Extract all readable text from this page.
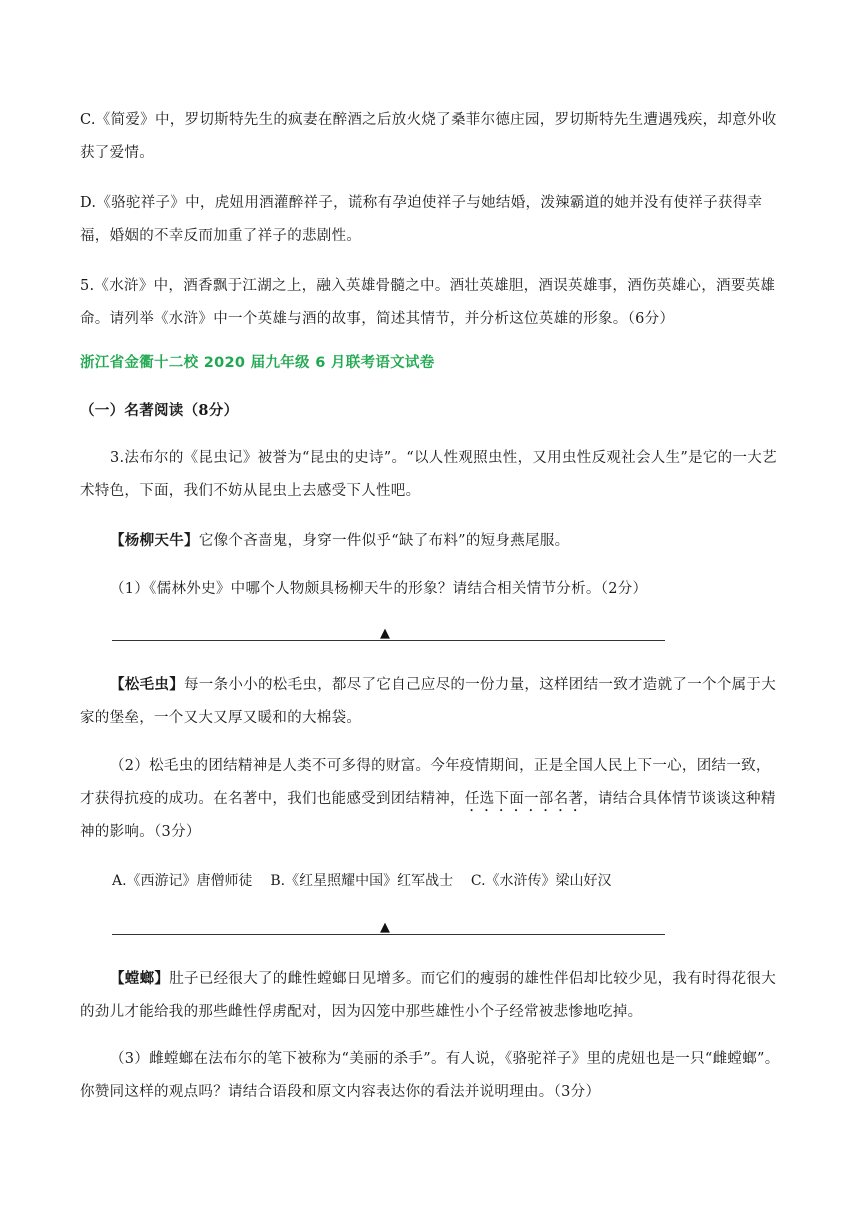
C.《简爱》中，罗切斯特先生的疯妻在醉酒之后放火烧了桑菲尔德庄园，罗切斯特先生遭遇残疾，却意外收获了爱情。

D.《骆驼祥子》中，虎妞用酒灌醉祥子，谎称有孕迫使祥子与她结婚，泼辣霸道的她并没有使祥子获得幸福，婚姻的不幸反而加重了祥子的悲剧性。

5.《水浒》中，酒香飘于江湖之上，融入英雄骨髓之中。酒壮英雄胆，酒误英雄事，酒伤英雄心，酒要英雄命。请列举《水浒》中一个英雄与酒的故事，简述其情节，并分析这位英雄的形象。（6分）

浙江省金衢十二校 2020 届九年级 6 月联考语文试卷

（一）名著阅读（8分）

3.法布尔的《昆虫记》被誉为“昆虫的史诗”。“以人性观照虫性，又用虫性反观社会人生”是它的一大艺术特色，下面，我们不妨从昆虫上去感受下人性吧。

【杨柳天牛】它像个吝啬鬼，身穿一件似乎“缺了布料”的短身燕尾服。

（1）《儒林外史》中哪个人物颇具杨柳天牛的形象？请结合相关情节分析。（2分）

▲

【松毛虫】每一条小小的松毛虫，都尽了它自己应尽的一份力量，这样团结一致才造就了一个个属于大家的堡垒，一个又大又厚又暖和的大棉袋。

（2）松毛虫的团结精神是人类不可多得的财富。今年疫情期间，正是全国人民上下一心，团结一致，才获得抗疫的成功。在名著中，我们也能感受到团结精神，任选下面一部名著，请结合具体情节谈谈这种精神的影响。（3分）

A.《西游记》唐僧师徒    B.《红星照耀中国》红军战士    C.《水浒传》梁山好汉
▲

【螳螂】肚子已经很大了的雌性螳螂日见增多。而它们的瘦弱的雄性伴侣却比较少见，我有时得花很大的劲儿才能给我的那些雌性俘虏配对，因为囚笼中那些雄性小个子经常被悲惨地吃掉。

（3）雌螳螂在法布尔的笔下被称为“美丽的杀手”。有人说，《骆驼祥子》里的虎妞也是一只“雌螳螂”。你赞同这样的观点吗？请结合语段和原文内容表达你的看法并说明理由。（3分）
